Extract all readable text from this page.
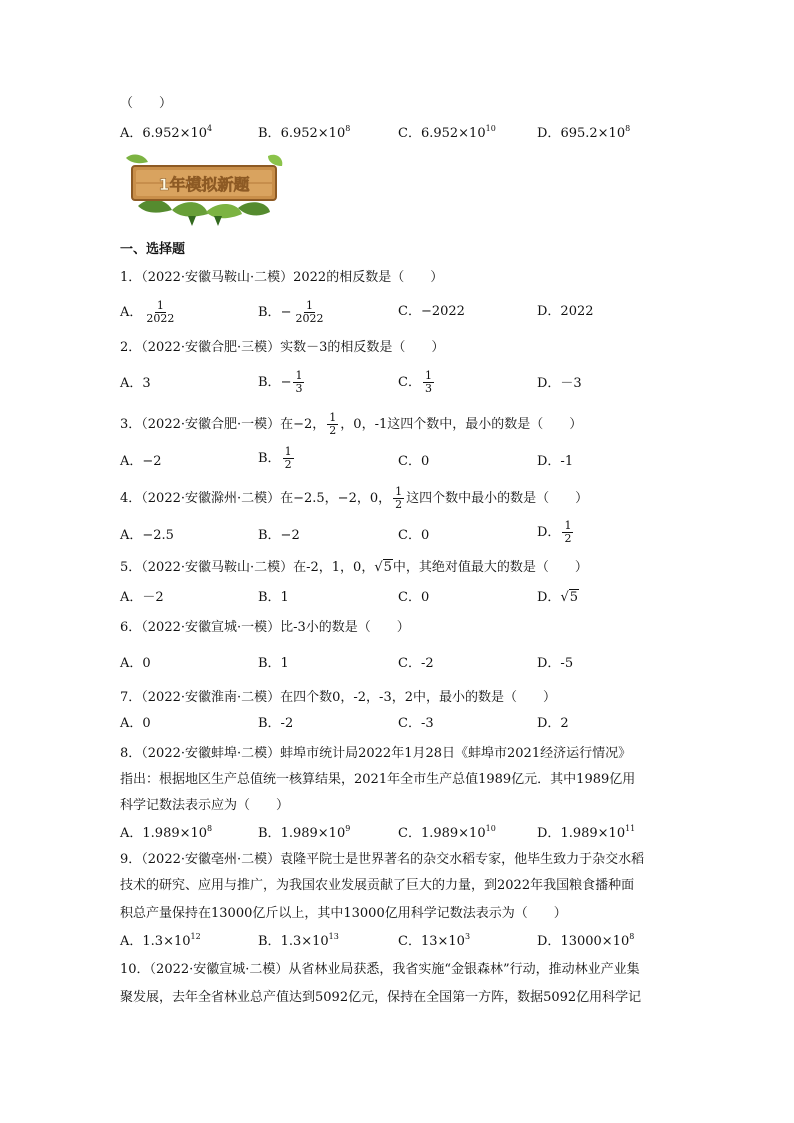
（　　）
A．$6.952\times 10^4$	B．$6.952\times 10^8$	C．$6.952\times 10^{10}$	D．$695.2\times 10^8$
1年模拟新题
一、选择题
1．（2022·安徽马鞍山·二模）2022的相反数是（　　）
A． $\frac{1}{2022}$	B．− $\frac{1}{2022}$	C．−2022	D．2022
2．（2022·安徽合肥·三模）实数－3的相反数是（　　）
A．3	B．− $\frac{1}{3}$	C． $\frac{1}{3}$	D．－3
3．（2022·安徽合肥·一模）在−2， $\frac{1}{2}$ ，0，-1这四个数中，最小的数是（　　）
A．−2	B． $\frac{1}{2}$	C．0	D．-1
4．（2022·安徽滁州·二模）在−2.5，−2，0， $\frac{1}{2}$ 这四个数中最小的数是（　　）
A．−2.5	B．−2	C．0	D． $\frac{1}{2}$
5．（2022·安徽马鞍山·二模）在-2，1，0，√5中，其绝对值最大的数是（　　）
A．－2	B．1	C．0	D．√5
6．（2022·安徽宣城·一模）比-3小的数是（　　）
A．0	B．1	C．-2	D．-5
7．（2022·安徽淮南·二模）在四个数0，-2，-3，2中，最小的数是（　　）
A．0	B．-2	C．-3	D．2
8．（2022·安徽蚌埠·二模）蚌埠市统计局2022年1月28日《蚌埠市2021经济运行情况》
指出：根据地区生产总值统一核算结果，2021年全市生产总值1989亿元．其中1989亿用
科学记数法表示应为（　　）
A．$1.989\times 10^8$	B．$1.989\times 10^9$	C．$1.989\times 10^{10}$	D．$1.989\times 10^{11}$
9．（2022·安徽亳州·二模）袁隆平院士是世界著名的杂交水稻专家，他毕生致力于杂交水稻
技术的研究、应用与推广，为我国农业发展贡献了巨大的力量，到2022年我国粮食播种面
积总产量保持在13000亿斤以上，其中13000亿用科学记数法表示为（　　）
A．$1.3\times 10^{12}$	B．$1.3\times 10^{13}$	C．$13\times 10^3$	D．$13000\times 10^8$
10．（2022·安徽宣城·二模）从省林业局获悉，我省实施“金银森林”行动，推动林业产业集
聚发展，去年全省林业总产值达到5092亿元，保持在全国第一方阵，数据5092亿用科学记
